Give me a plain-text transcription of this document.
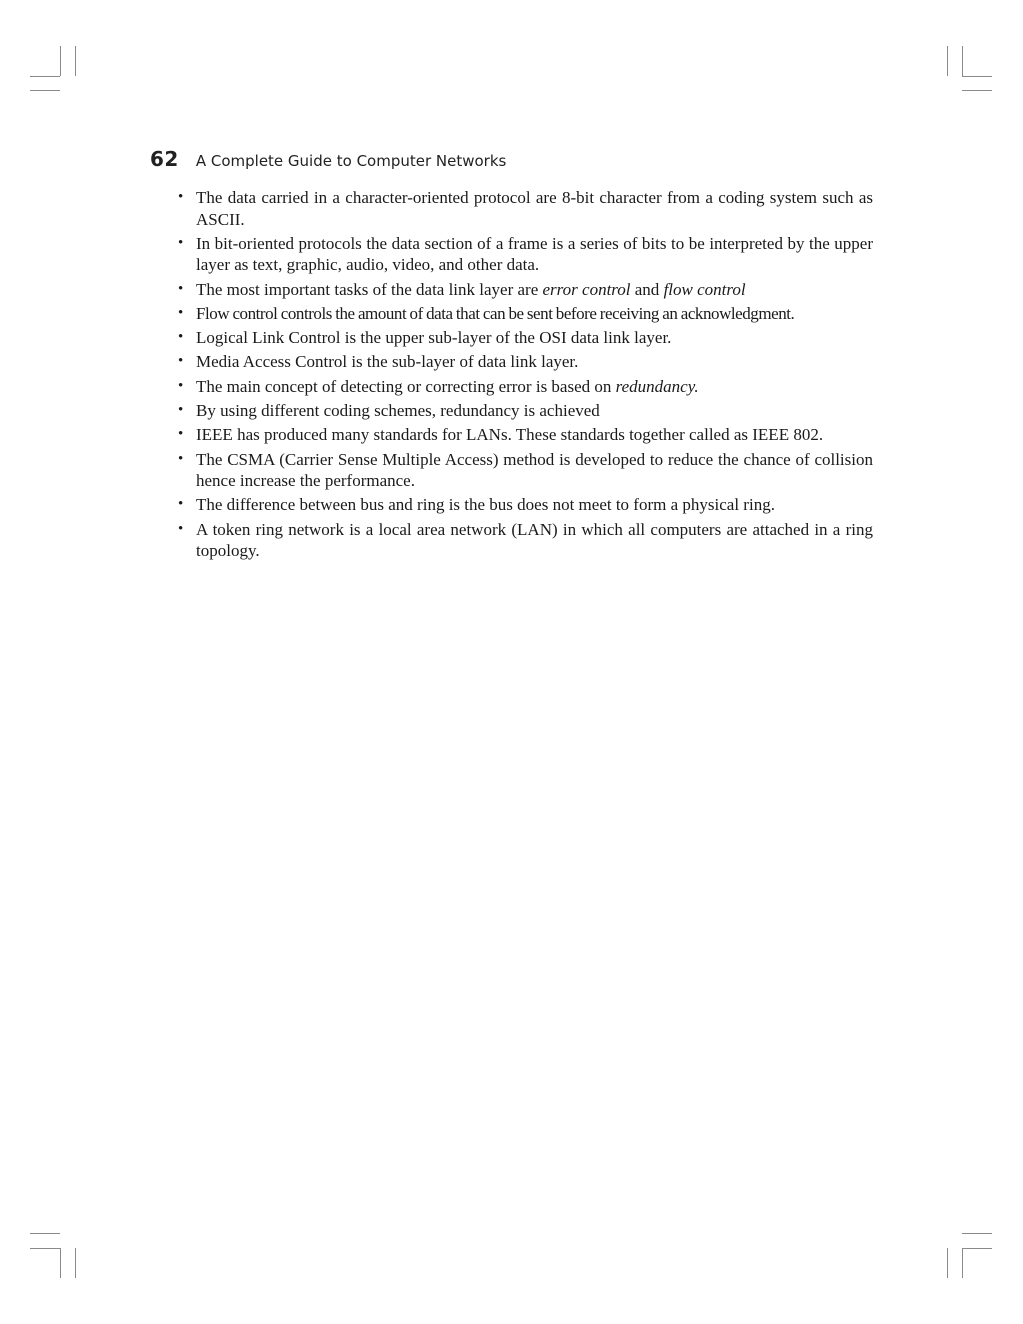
62 A Complete Guide to Computer Networks
• The data carried in a character-oriented protocol are 8-bit character from a coding system such as ASCII.
• In bit-oriented protocols the data section of a frame is a series of bits to be interpreted by the upper layer as text, graphic, audio, video, and other data.
• The most important tasks of the data link layer are error control and flow control
• Flow control controls the amount of data that can be sent before receiving an acknowledgment.
• Logical Link Control is the upper sub-layer of the OSI data link layer.
• Media Access Control is the sub-layer of data link layer.
• The main concept of detecting or correcting error is based on redundancy.
• By using different coding schemes, redundancy is achieved
• IEEE has produced many standards for LANs. These standards together called as IEEE 802.
• The CSMA (Carrier Sense Multiple Access) method is developed to reduce the chance of collision hence increase the performance.
• The difference between bus and ring is the bus does not meet to form a physical ring.
• A token ring network is a local area network (LAN) in which all computers are attached in a ring topology.
